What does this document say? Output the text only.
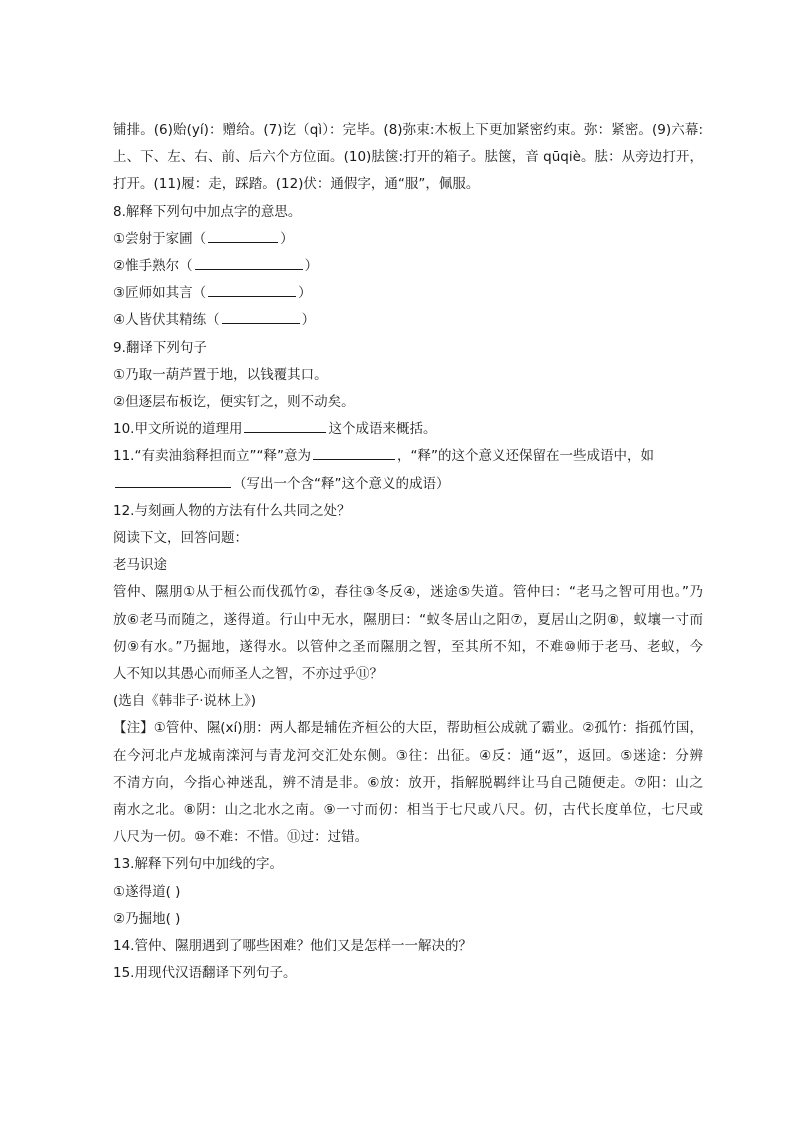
铺排。(6)贻(yí)：赠给。(7)讫（qì）：完毕。(8)弥束:木板上下更加紧密约束。弥：紧密。(9)六幕:
上、下、左、右、前、后六个方位面。(10)胠箧:打开的箱子。胠箧，音 qūqiè。胠：从旁边打开，
打开。(11)履：走，踩踏。(12)伏：通假字，通“服”，佩服。
8.解释下列句中加点字的意思。
①尝射于家圃（	）
②惟手熟尔（	）
③匠师如其言（	）
④人皆伏其精练（	）
9.翻译下列句子
①乃取一葫芦置于地，以钱覆其口。
②但逐层布板讫，便实钉之，则不动矣。
10.甲文所说的道理用	这个成语来概括。
11.“有卖油翁释担而立”“释”意为	，“释”的这个意义还保留在一些成语中，如
（写出一个含“释”这个意义的成语）
12.与刻画人物的方法有什么共同之处？
阅读下文，回答问题：
老马识途
管仲、隰朋①从于桓公而伐孤竹②，春往③冬反④，迷途⑤失道。管仲曰：“老马之智可用也。”乃
放⑥老马而随之，遂得道。行山中无水，隰朋曰：“蚁冬居山之阳⑦，夏居山之阴⑧，蚁壤一寸而
仞⑨有水。”乃掘地，遂得水。以管仲之圣而隰朋之智，至其所不知，不难⑩师于老马、老蚁，今
人不知以其愚心而师圣人之智，不亦过乎⑪？
(选自《韩非子·说林上》)
【注】①管仲、隰(xí)朋：两人都是辅佐齐桓公的大臣，帮助桓公成就了霸业。②孤竹：指孤竹国，
在今河北卢龙城南滦河与青龙河交汇处东侧。③往：出征。④反：通“返”，返回。⑤迷途：分辨
不清方向，今指心神迷乱，辨不清是非。⑥放：放开，指解脱羁绊让马自己随便走。⑦阳：山之
南水之北。⑧阴：山之北水之南。⑨一寸而仞：相当于七尺或八尺。仞，古代长度单位，七尺或
八尺为一仞。⑩不难：不惜。⑪过：过错。
13.解释下列句中加线的字。
①遂得道( )
②乃掘地( )
14.管仲、隰朋遇到了哪些困难？他们又是怎样一一解决的？
15.用现代汉语翻译下列句子。
